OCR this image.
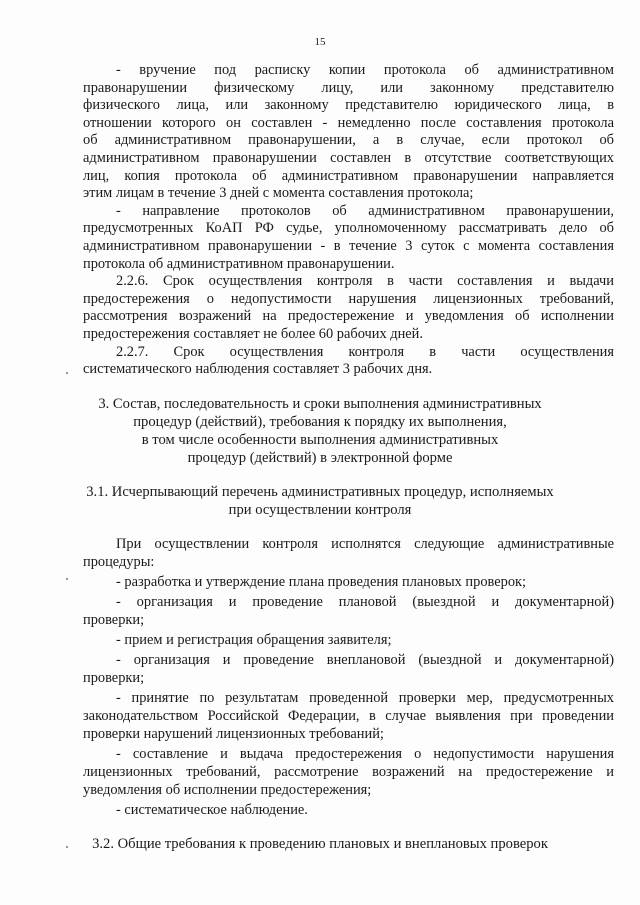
15
- вручение под расписку копии протокола об административном
правонарушении физическому лицу, или законному представителю
физического лица, или законному представителю юридического лица, в
отношении которого он составлен - немедленно после составления протокола
об административном правонарушении, а в случае, если протокол об
административном правонарушении составлен в отсутствие соответствующих
лиц, копия протокола об административном правонарушении направляется
этим лицам в течение 3 дней с момента составления протокола;
- направление протоколов об административном правонарушении,
предусмотренных КоАП РФ судье, уполномоченному рассматривать дело об
административном правонарушении - в течение 3 суток с момента составления
протокола об административном правонарушении.
2.2.6. Срок осуществления контроля в части составления и выдачи
предостережения о недопустимости нарушения лицензионных требований,
рассмотрения возражений на предостережение и уведомления об исполнении
предостережения составляет не более 60 рабочих дней.
2.2.7. Срок осуществления контроля в части осуществления
систематического наблюдения составляет 3 рабочих дня.
3. Состав, последовательность и сроки выполнения административных
процедур (действий), требования к порядку их выполнения,
в том числе особенности выполнения административных
процедур (действий) в электронной форме
3.1. Исчерпывающий перечень административных процедур, исполняемых
при осуществлении контроля
При осуществлении контроля исполнятся следующие административные
процедуры:
- разработка и утверждение плана проведения плановых проверок;
- организация и проведение плановой (выездной и документарной)
проверки;
- прием и регистрация обращения заявителя;
- организация и проведение внеплановой (выездной и документарной)
проверки;
- принятие по результатам проведенной проверки мер, предусмотренных
законодательством Российской Федерации, в случае выявления при проведении
проверки нарушений лицензионных требований;
- составление и выдача предостережения о недопустимости нарушения
лицензионных требований, рассмотрение возражений на предостережение и
уведомления об исполнении предостережения;
- систематическое наблюдение.
3.2. Общие требования к проведению плановых и внеплановых проверок
